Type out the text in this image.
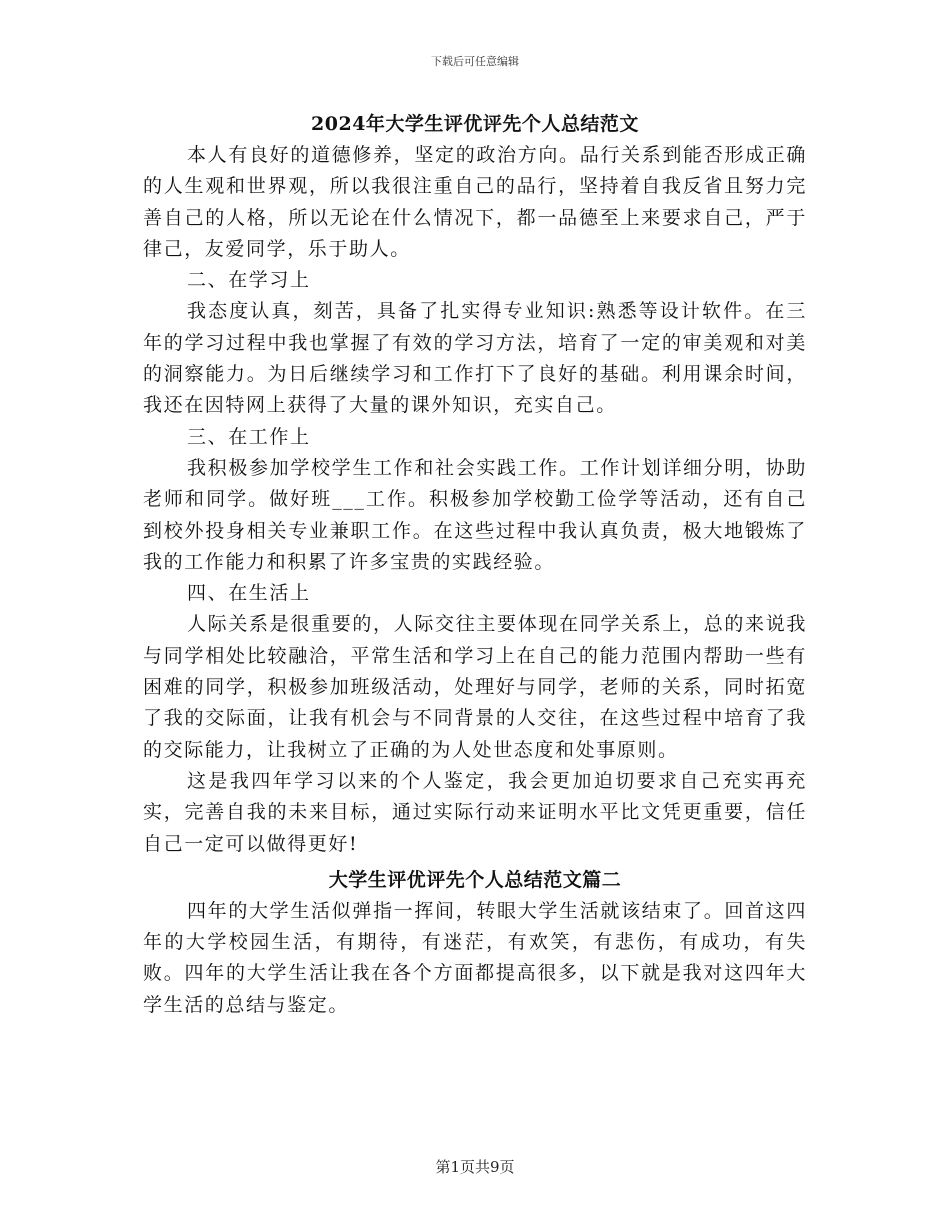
下载后可任意编辑
2024年大学生评优评先个人总结范文

本人有良好的道德修养，坚定的政治方向。品行关系到能否形成正确的人生观和世界观，所以我很注重自己的品行，坚持着自我反省且努力完善自己的人格，所以无论在什么情况下，都一品德至上来要求自己，严于律己，友爱同学，乐于助人。

二、在学习上

我态度认真，刻苦，具备了扎实得专业知识:熟悉等设计软件。在三年的学习过程中我也掌握了有效的学习方法，培育了一定的审美观和对美的洞察能力。为日后继续学习和工作打下了良好的基础。利用课余时间，我还在因特网上获得了大量的课外知识，充实自己。

三、在工作上

我积极参加学校学生工作和社会实践工作。工作计划详细分明，协助老师和同学。做好班___工作。积极参加学校勤工俭学等活动，还有自己到校外投身相关专业兼职工作。在这些过程中我认真负责，极大地锻炼了我的工作能力和积累了许多宝贵的实践经验。

四、在生活上

人际关系是很重要的，人际交往主要体现在同学关系上，总的来说我与同学相处比较融洽，平常生活和学习上在自己的能力范围内帮助一些有困难的同学，积极参加班级活动，处理好与同学，老师的关系，同时拓宽了我的交际面，让我有机会与不同背景的人交往，在这些过程中培育了我的交际能力，让我树立了正确的为人处世态度和处事原则。

这是我四年学习以来的个人鉴定，我会更加迫切要求自己充实再充实，完善自我的未来目标，通过实际行动来证明水平比文凭更重要，信任自己一定可以做得更好!

大学生评优评先个人总结范文篇二

四年的大学生活似弹指一挥间，转眼大学生活就该结束了。回首这四年的大学校园生活，有期待，有迷茫，有欢笑，有悲伤，有成功，有失败。四年的大学生活让我在各个方面都提高很多，以下就是我对这四年大学生活的总结与鉴定。

第1页共9页
